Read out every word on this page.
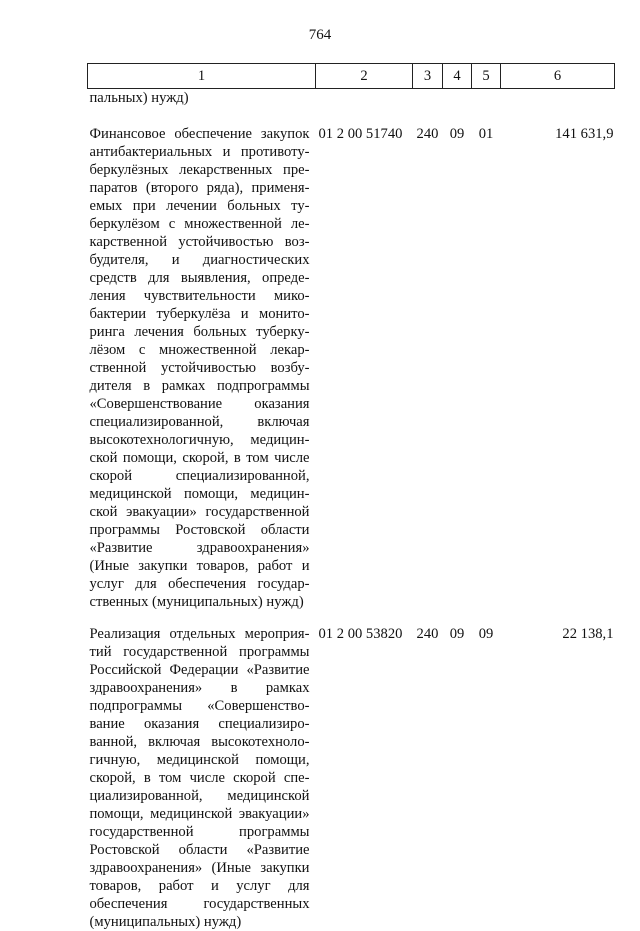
764
1	2	3	4	5	6
пальных) нужд)					

Финансовое обеспечение закупок антибактериальных и противотуберкулёзных лекарственных препаратов (второго ряда), применяемых при лечении больных туберкулёзом с множественной лекарственной устойчивостью возбудителя, и диагностических средств для выявления, определения чувствительности микобактерии туберкулёза и мониторинга лечения больных туберкулёзом с множественной лекарственной устойчивостью возбудителя в рамках подпрограммы «Совершенствование оказания специализированной, включая высокотехнологичную, медицинской помощи, скорой, в том числе скорой специализированной, медицинской помощи, медицинской эвакуации» государственной программы Ростовской области «Развитие здравоохранения» (Иные закупки товаров, работ и услуг для обеспечения государственных (муниципальных) нужд)	01 2 00 51740	240	09	01	141 631,9

Реализация отдельных мероприятий государственной программы Российской Федерации «Развитие здравоохранения» в рамках подпрограммы «Совершенствование оказания специализированной, включая высокотехнологичную, медицинской помощи, скорой, в том числе скорой специализированной, медицинской помощи, медицинской эвакуации» государственной программы Ростовской области «Развитие здравоохранения» (Иные закупки товаров, работ и услуг для обеспечения государственных (муниципальных) нужд)	01 2 00 53820	240	09	09	22 138,1
